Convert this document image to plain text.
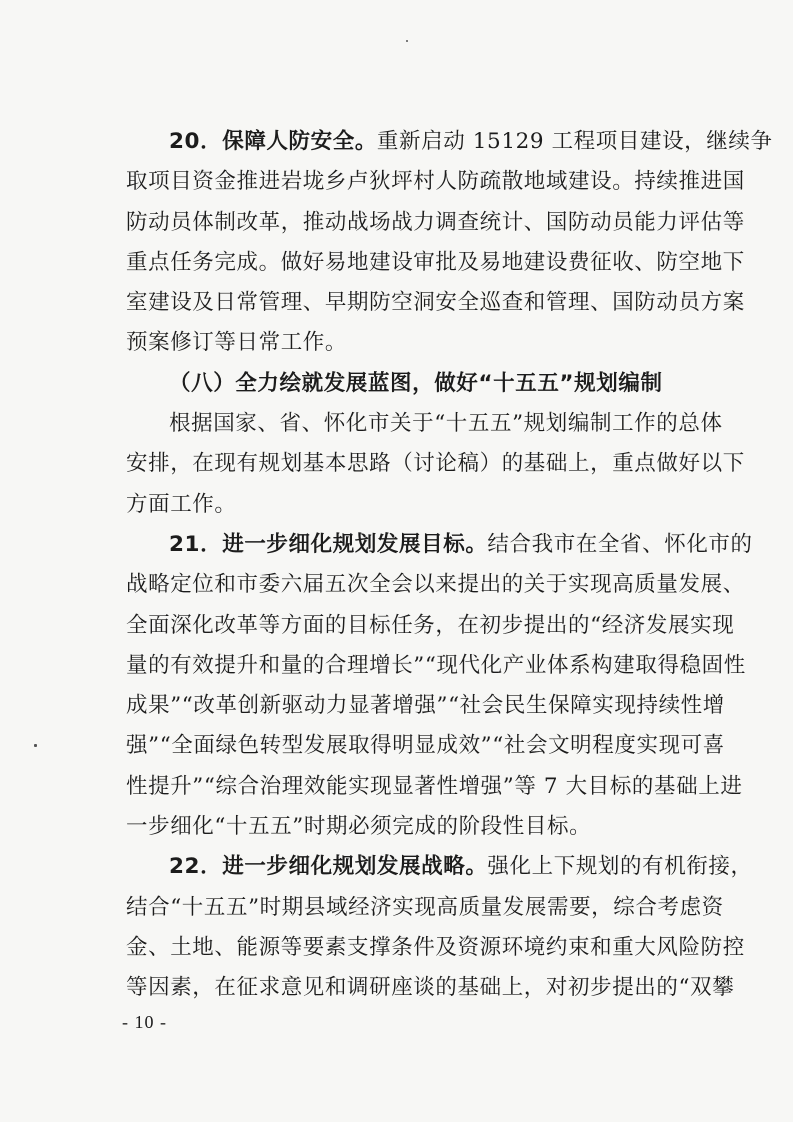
20．保障人防安全。重新启动 15129 工程项目建设，继续争
取项目资金推进岩垅乡卢狄坪村人防疏散地域建设。持续推进国
防动员体制改革，推动战场战力调查统计、国防动员能力评估等
重点任务完成。做好易地建设审批及易地建设费征收、防空地下
室建设及日常管理、早期防空洞安全巡查和管理、国防动员方案
预案修订等日常工作。
（八）全力绘就发展蓝图，做好“十五五”规划编制
根据国家、省、怀化市关于“十五五”规划编制工作的总体
安排，在现有规划基本思路（讨论稿）的基础上，重点做好以下
方面工作。
21．进一步细化规划发展目标。结合我市在全省、怀化市的
战略定位和市委六届五次全会以来提出的关于实现高质量发展、
全面深化改革等方面的目标任务，在初步提出的“经济发展实现
量的有效提升和量的合理增长”“现代化产业体系构建取得稳固性
成果”“改革创新驱动力显著增强”“社会民生保障实现持续性增
强”“全面绿色转型发展取得明显成效”“社会文明程度实现可喜
性提升”“综合治理效能实现显著性增强”等 7 大目标的基础上进
一步细化“十五五”时期必须完成的阶段性目标。
22．进一步细化规划发展战略。强化上下规划的有机衔接，
结合“十五五”时期县域经济实现高质量发展需要，综合考虑资
金、土地、能源等要素支撑条件及资源环境约束和重大风险防控
等因素，在征求意见和调研座谈的基础上，对初步提出的“双攀
- 10 -
